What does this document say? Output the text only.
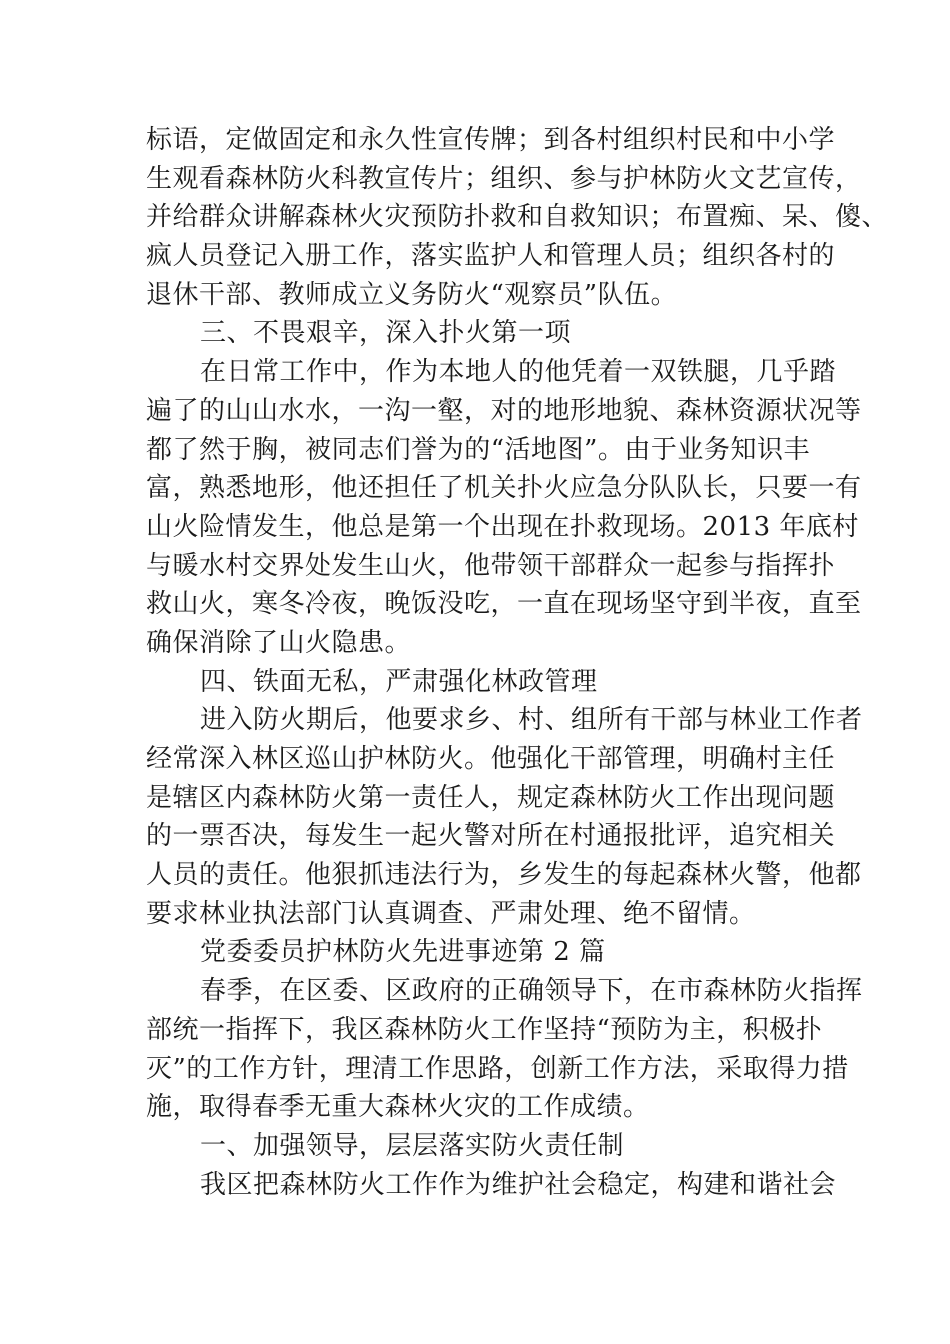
标语，定做固定和永久性宣传牌；到各村组织村民和中小学
生观看森林防火科教宣传片；组织、参与护林防火文艺宣传，
并给群众讲解森林火灾预防扑救和自救知识；布置痴、呆、傻、
疯人员登记入册工作，落实监护人和管理人员；组织各村的
退休干部、教师成立义务防火“观察员”队伍。
三、不畏艰辛，深入扑火第一项
在日常工作中，作为本地人的他凭着一双铁腿，几乎踏
遍了的山山水水，一沟一壑，对的地形地貌、森林资源状况等
都了然于胸，被同志们誉为的“活地图”。由于业务知识丰
富，熟悉地形，他还担任了机关扑火应急分队队长，只要一有
山火险情发生，他总是第一个出现在扑救现场。2013 年底村
与暖水村交界处发生山火，他带领干部群众一起参与指挥扑
救山火，寒冬冷夜，晚饭没吃，一直在现场坚守到半夜，直至
确保消除了山火隐患。
四、铁面无私，严肃强化林政管理
进入防火期后，他要求乡、村、组所有干部与林业工作者
经常深入林区巡山护林防火。他强化干部管理，明确村主任
是辖区内森林防火第一责任人，规定森林防火工作出现问题
的一票否决，每发生一起火警对所在村通报批评，追究相关
人员的责任。他狠抓违法行为，乡发生的每起森林火警，他都
要求林业执法部门认真调查、严肃处理、绝不留情。
党委委员护林防火先进事迹第 2 篇
春季，在区委、区政府的正确领导下，在市森林防火指挥
部统一指挥下，我区森林防火工作坚持“预防为主，积极扑
灭”的工作方针，理清工作思路，创新工作方法，采取得力措
施，取得春季无重大森林火灾的工作成绩。
一、加强领导，层层落实防火责任制
我区把森林防火工作作为维护社会稳定，构建和谐社会
